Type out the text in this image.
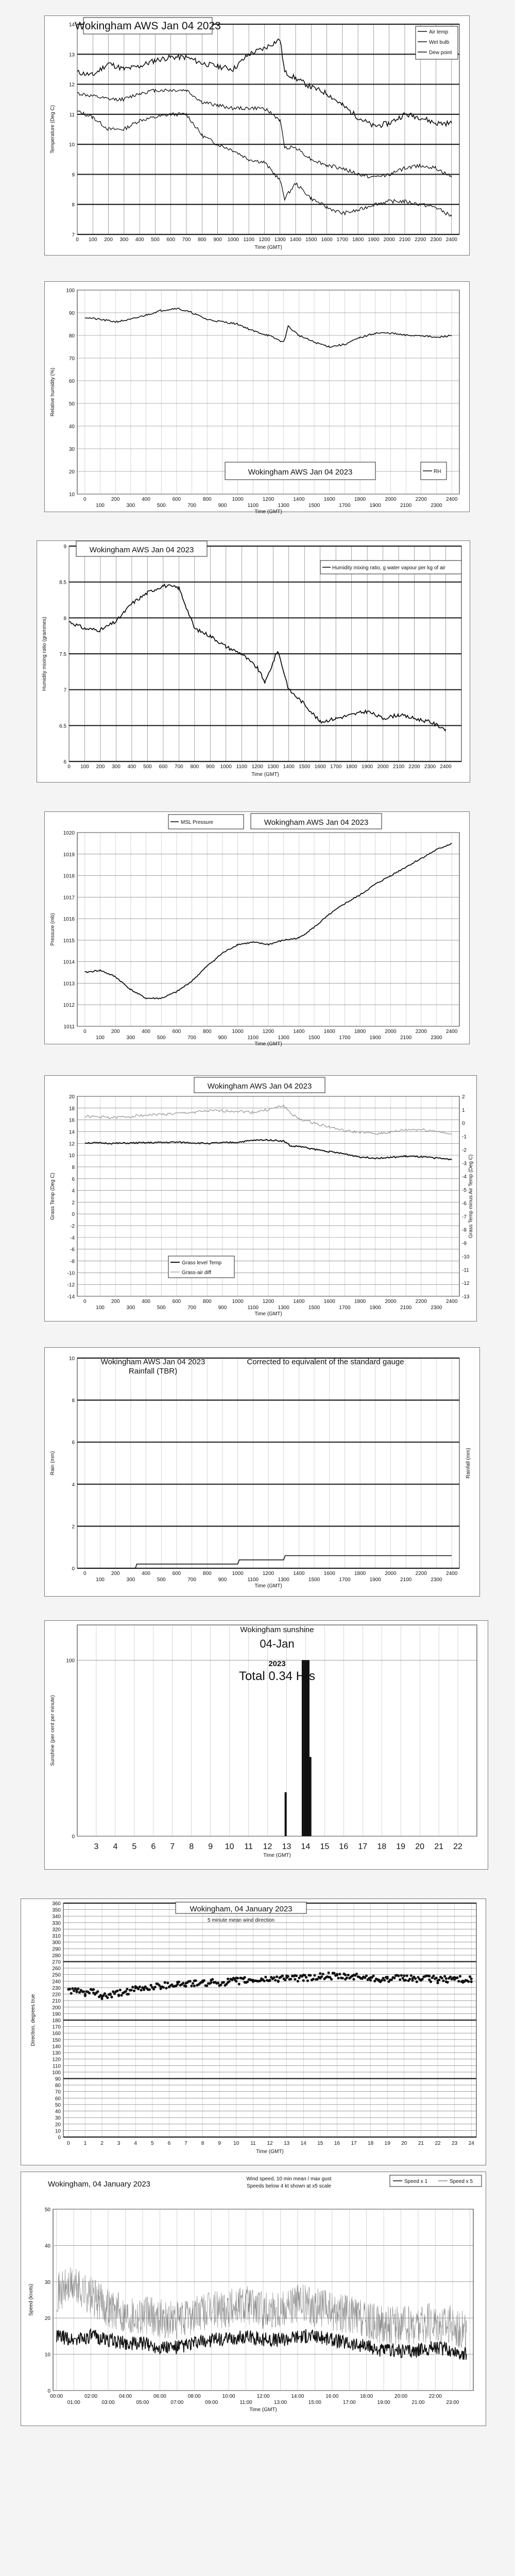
0 100 200 300 400 500 600 700 800 900 1000 1100 1200 1300 1400 1500 1600 1700 1800 1900 2000 2100 2200 2300 2400
7
8
9
10
11
12
13
14 Wokingham AWS Jan 04 2023
Air temp
Wet bulb
Dew point
Time (GMT)
Temperature (Deg C)
0	200	400	600	800	1000	1200	1400	1600	1800	2000	2200	2400
100	300	500	700	900	1100	1300	1500	1700	1900	2100	2300
10
20
30
40
50
60
70
80
90
100
Wokingham AWS Jan 04 2023	RH
Time (GMT)
Relative humidity (%)
0 100 200 300 400 500 600 700 800 900 1000 1100 1200 1300 1400 1500 1600 1700 1800 1900 2000 2100 2200 2300 2400
6
6.5
7
7.5
8
8.5
9	Wokingham AWS Jan 04 2023
Humidity mixing ratio, g water vapour per kg of air
Time (GMT)
Humidity mixing ratio (grammes)
0	200	400	600	800	1000	1200	1400	1600	1800	2000	2200	2400
100	300	500	700	900	1100	1300	1500	1700	1900	2100	2300
1011
1012
1013
1014
1015
1016
1017
1018
1019
1020
MSL Pressure	Wokingham AWS Jan 04 2023
Time (GMT)
Pressure (mb)
0	200	400	600	800	1000	1200	1400	1600	1800	2000	2200	2400
100	300	500	700	900	1100	1300	1500	1700	1900	2100	2300
-14
-12
-10
-8
-6
-4
-2
0
2
4
6
8
10
12
14
16
18
20
-13
-12
-11
-10
-9
-8
-7
-6
-5
-4
-3
-2
-1
0
1
2
Wokingham AWS Jan 04 2023
Grass level Temp
Grass-air diff
Time (GMT)
Grass Temp (Deg C)	Grass Temp minus Air Temp (Deg C)
0	200	400	600	800	1000	1200	1400	1600	1800	2000	2200	2400
100	300	500	700	900	1100	1300	1500	1700	1900	2100	2300
0
2
4
6
8
10	Wokingham AWS Jan 04 2023
Rainfall (TBR)
Corrected to equivalent of the standard gauge
Time (GMT)
Rain (mm)	Rainfall (mm)
3 4 5 6 7 8 9 10 11 12 13 14 15 16 17 18 19 20 21 22
0
100
Wokingham sunshine
04-Jan
2023
Total 0.34 Hrs
Time (GMT)
Sunshine (per cent per minute)
0	1	2	3	4	5	6	7	8	9 10 11 12 13 14 15 16 17 18 19 20 21 22 23 24
0
10
20
30
40
50
60
70
80
90
100
110
120
130
140
150
160
170
180
190
200
210
220
230
240
250
260
270
280
290
300
310
320
330
340
350
360
Wokingham, 04 January 2023
5 minute mean wind direction
Time (GMT)
Direction, degrees true
00:00	02:00	04:00	06:00	08:00	10:00	12:00	14:00	16:00	18:00	20:00	22:00
01:00	03:00	05:00	07:00	09:00	11:00	13:00	15:00	17:00	19:00	21:00	23:00
0
10
20
30
40
50
Wokingham, 04 January 2023
Wind speed, 10 min mean / max gust
Speeds below 4 kt shown at x5 scale
Speed x 1	Speed x 5
Time (GMT)
Speed (knots)
